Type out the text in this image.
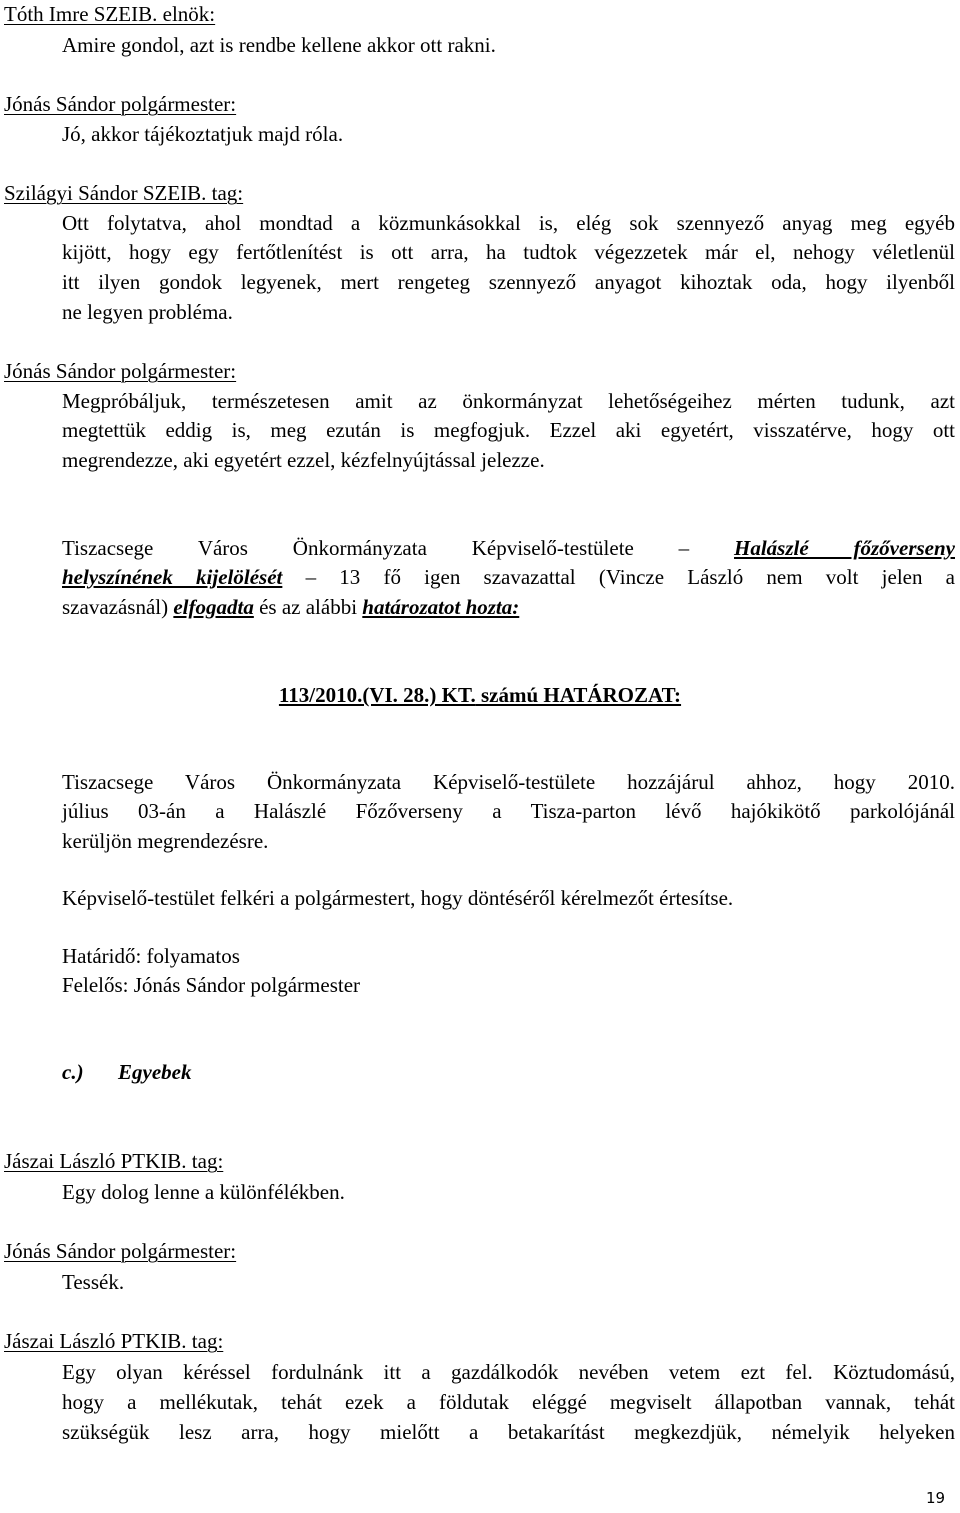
Tóth Imre SZEIB. elnök:
Amire gondol, azt is rendbe kellene akkor ott rakni.
Jónás Sándor polgármester:
Jó, akkor tájékoztatjuk majd róla.
Szilágyi Sándor SZEIB. tag:
Ott folytatva, ahol mondtad a közmunkásokkal is, elég sok szennyező anyag meg egyéb
kijött, hogy egy fertőtlenítést is ott arra, ha tudtok végezzetek már el, nehogy véletlenül
itt ilyen gondok legyenek, mert rengeteg szennyező anyagot kihoztak oda, hogy ilyenből
ne legyen probléma.
Jónás Sándor polgármester:
Megpróbáljuk, természetesen amit az önkormányzat lehetőségeihez mérten tudunk, azt
megtettük eddig is, meg ezután is megfogjuk. Ezzel aki egyetért, visszatérve, hogy ott
megrendezze, aki egyetért ezzel, kézfelnyújtással jelezze.
Tiszacsege Város Önkormányzata Képviselő-testülete – Halászlé főzőverseny
helyszínének kijelölését – 13 fő igen szavazattal (Vincze László nem volt jelen a
szavazásnál) elfogadta és az alábbi határozatot hozta:
113/2010.(VI. 28.) KT. számú HATÁROZAT:
Tiszacsege Város Önkormányzata Képviselő-testülete hozzájárul ahhoz, hogy 2010.
július 03-án a Halászlé Főzőverseny a Tisza-parton lévő hajókikötő parkolójánál
kerüljön megrendezésre.
Képviselő-testület felkéri a polgármestert, hogy döntéséről kérelmezőt értesítse.
Határidő: folyamatos
Felelős: Jónás Sándor polgármester
c.) Egyebek
Jászai László PTKIB. tag:
Egy dolog lenne a különfélékben.
Jónás Sándor polgármester:
Tessék.
Jászai László PTKIB. tag:
Egy olyan kéréssel fordulnánk itt a gazdálkodók nevében vetem ezt fel. Köztudomású,
hogy a mellékutak, tehát ezek a földutak eléggé megviselt állapotban vannak, tehát
szükségük lesz arra, hogy mielőtt a betakarítást megkezdjük, némelyik helyeken
19
